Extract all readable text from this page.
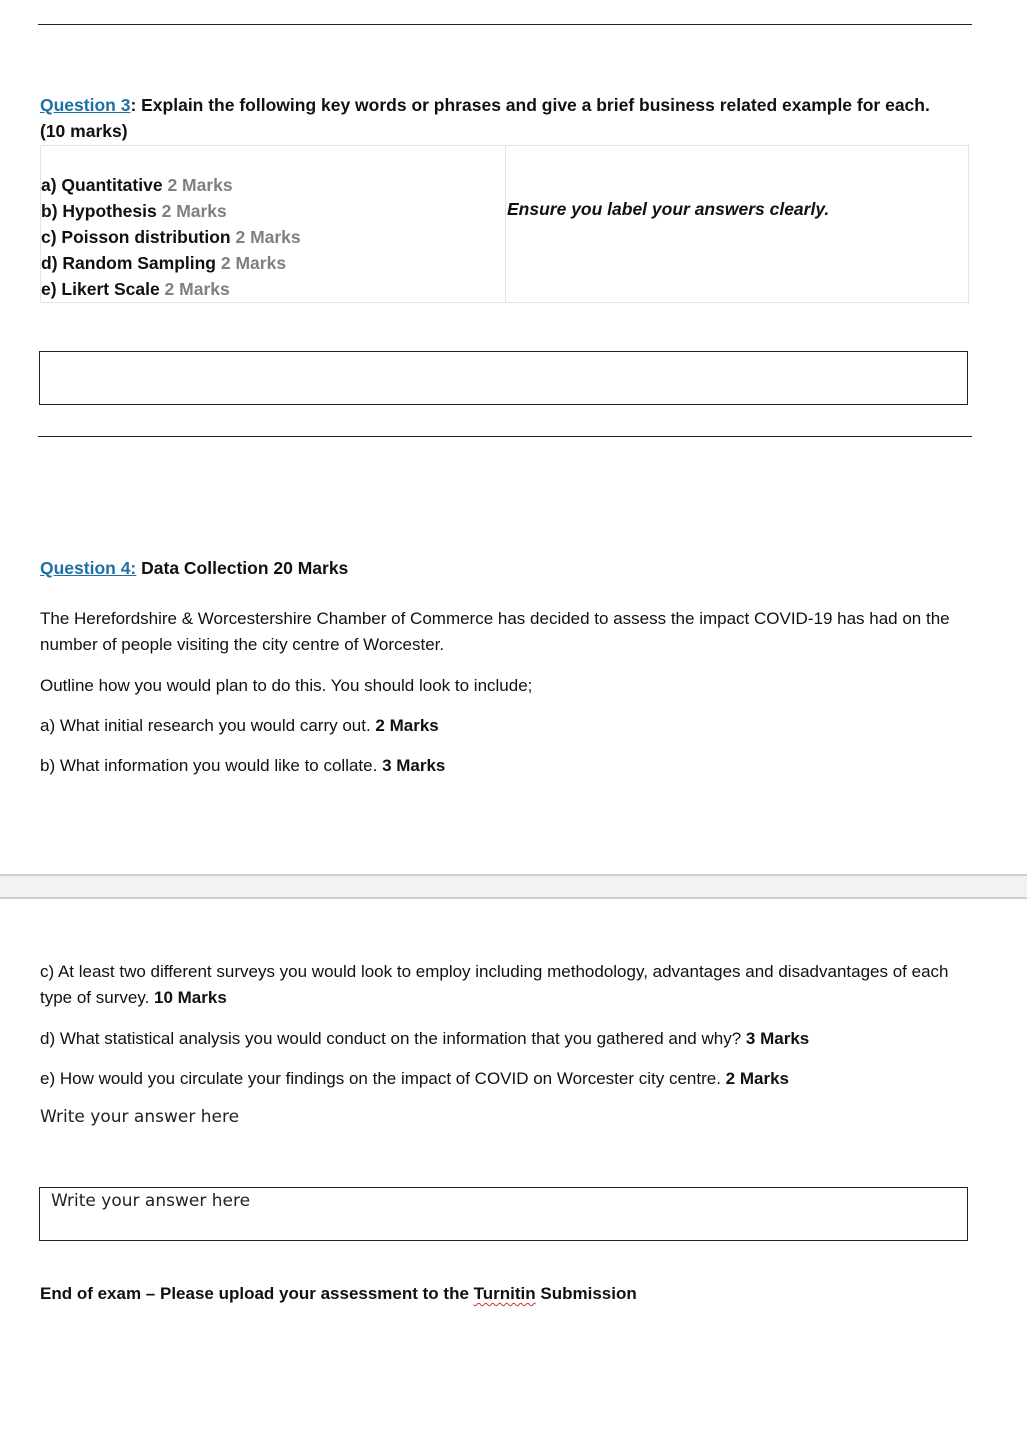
Question 3: Explain the following key words or phrases and give a brief business related example for each. (10 marks)
a) Quantitative 2 Marks
b) Hypothesis 2 Marks
c) Poisson distribution 2 Marks
d) Random Sampling 2 Marks
e) Likert Scale 2 Marks

Ensure you label your answers clearly.
Question 4: Data Collection 20 Marks

The Herefordshire & Worcestershire Chamber of Commerce has decided to assess the impact COVID-19 has had on the number of people visiting the city centre of Worcester.

Outline how you would plan to do this. You should look to include;

a) What initial research you would carry out. 2 Marks

b) What information you would like to collate. 3 Marks

c) At least two different surveys you would look to employ including methodology, advantages and disadvantages of each type of survey. 10 Marks

d) What statistical analysis you would conduct on the information that you gathered and why? 3 Marks

e) How would you circulate your findings on the impact of COVID on Worcester city centre. 2 Marks

Write your answer here
Write your answer here
End of exam – Please upload your assessment to the Turnitin Submission
